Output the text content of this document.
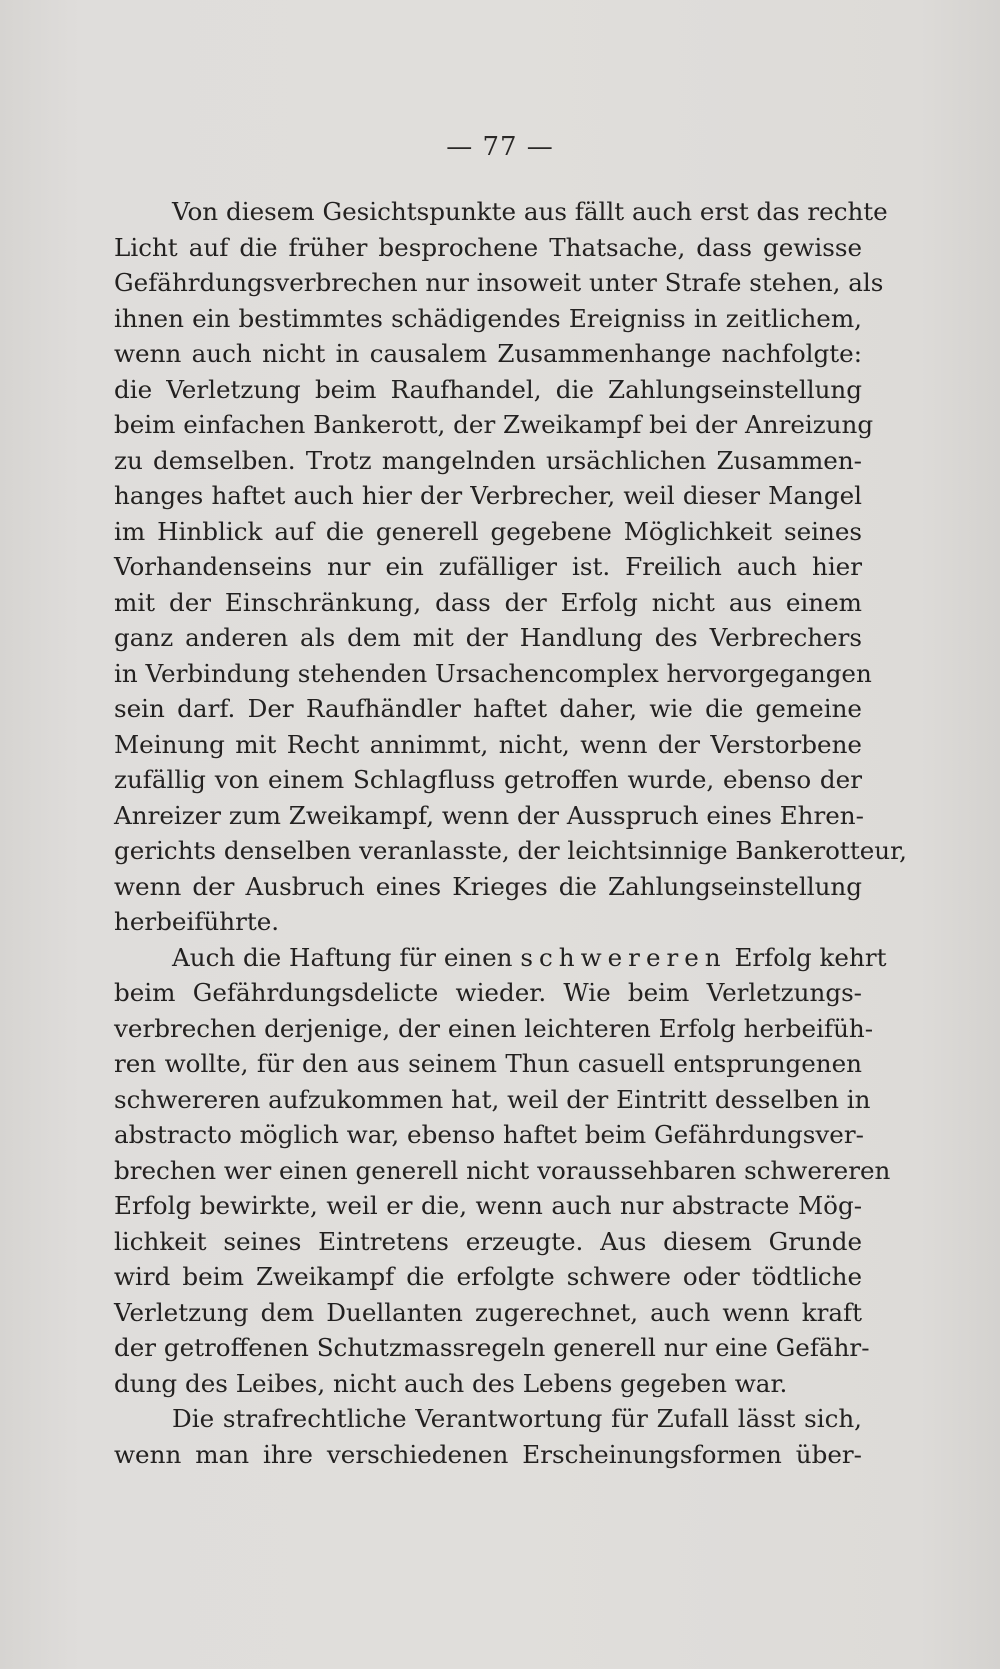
— 77 —
Von diesem Gesichtspunkte aus fällt auch erst das rechte
Licht auf die früher besprochene Thatsache, dass gewisse
Gefährdungsverbrechen nur insoweit unter Strafe stehen, als
ihnen ein bestimmtes schädigendes Ereigniss in zeitlichem,
wenn auch nicht in causalem Zusammenhange nachfolgte:
die Verletzung beim Raufhandel, die Zahlungseinstellung
beim einfachen Bankerott, der Zweikampf bei der Anreizung
zu demselben. Trotz mangelnden ursächlichen Zusammen-
hanges haftet auch hier der Verbrecher, weil dieser Mangel
im Hinblick auf die generell gegebene Möglichkeit seines
Vorhandenseins nur ein zufälliger ist. Freilich auch hier
mit der Einschränkung, dass der Erfolg nicht aus einem
ganz anderen als dem mit der Handlung des Verbrechers
in Verbindung stehenden Ursachencomplex hervorgegangen
sein darf. Der Raufhändler haftet daher, wie die gemeine
Meinung mit Recht annimmt, nicht, wenn der Verstorbene
zufällig von einem Schlagfluss getroffen wurde, ebenso der
Anreizer zum Zweikampf, wenn der Ausspruch eines Ehren-
gerichts denselben veranlasste, der leichtsinnige Bankerotteur,
wenn der Ausbruch eines Krieges die Zahlungseinstellung
herbeiführte.
Auch die Haftung für einen schwereren Erfolg kehrt
beim Gefährdungsdelicte wieder. Wie beim Verletzungs-
verbrechen derjenige, der einen leichteren Erfolg herbeifüh-
ren wollte, für den aus seinem Thun casuell entsprungenen
schwereren aufzukommen hat, weil der Eintritt desselben in
abstracto möglich war, ebenso haftet beim Gefährdungsver-
brechen wer einen generell nicht voraussehbaren schwereren
Erfolg bewirkte, weil er die, wenn auch nur abstracte Mög-
lichkeit seines Eintretens erzeugte. Aus diesem Grunde
wird beim Zweikampf die erfolgte schwere oder tödtliche
Verletzung dem Duellanten zugerechnet, auch wenn kraft
der getroffenen Schutzmassregeln generell nur eine Gefähr-
dung des Leibes, nicht auch des Lebens gegeben war.
Die strafrechtliche Verantwortung für Zufall lässt sich,
wenn man ihre verschiedenen Erscheinungsformen über-
